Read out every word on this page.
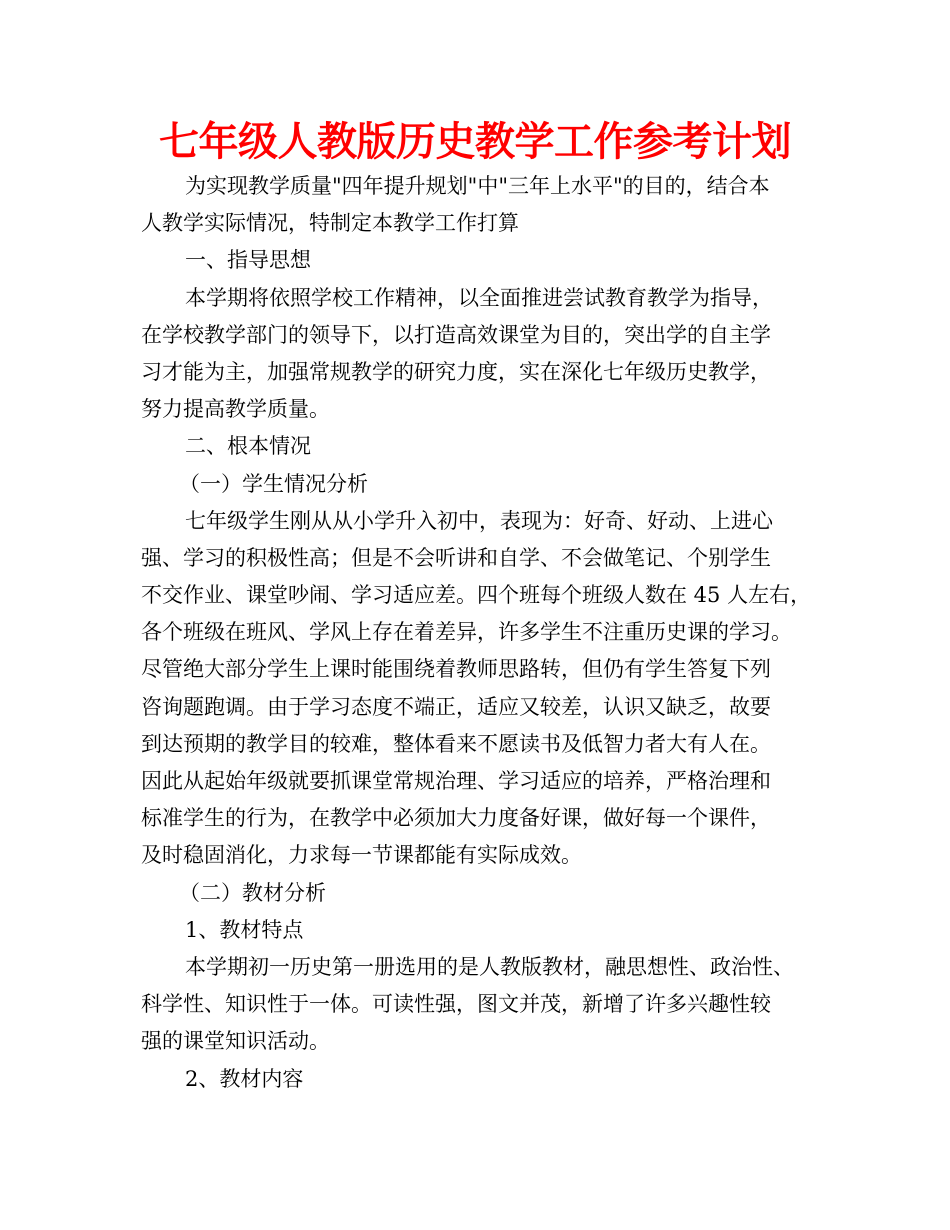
七年级人教版历史教学工作参考计划
为实现教学质量"四年提升规划"中"三年上水平"的目的，结合本
人教学实际情况，特制定本教学工作打算
一、指导思想
本学期将依照学校工作精神，以全面推进尝试教育教学为指导，
在学校教学部门的领导下，以打造高效课堂为目的，突出学的自主学
习才能为主，加强常规教学的研究力度，实在深化七年级历史教学，
努力提高教学质量。
二、根本情况
（一）学生情况分析
七年级学生刚从从小学升入初中，表现为：好奇、好动、上进心
强、学习的积极性高；但是不会听讲和自学、不会做笔记、个别学生
不交作业、课堂吵闹、学习适应差。四个班每个班级人数在 45 人左右，
各个班级在班风、学风上存在着差异，许多学生不注重历史课的学习。
尽管绝大部分学生上课时能围绕着教师思路转，但仍有学生答复下列
咨询题跑调。由于学习态度不端正，适应又较差，认识又缺乏，故要
到达预期的教学目的较难，整体看来不愿读书及低智力者大有人在。
因此从起始年级就要抓课堂常规治理、学习适应的培养，严格治理和
标准学生的行为，在教学中必须加大力度备好课，做好每一个课件，
及时稳固消化，力求每一节课都能有实际成效。
（二）教材分析
1、教材特点
本学期初一历史第一册选用的是人教版教材，融思想性、政治性、
科学性、知识性于一体。可读性强，图文并茂，新增了许多兴趣性较
强的课堂知识活动。
2、教材内容
